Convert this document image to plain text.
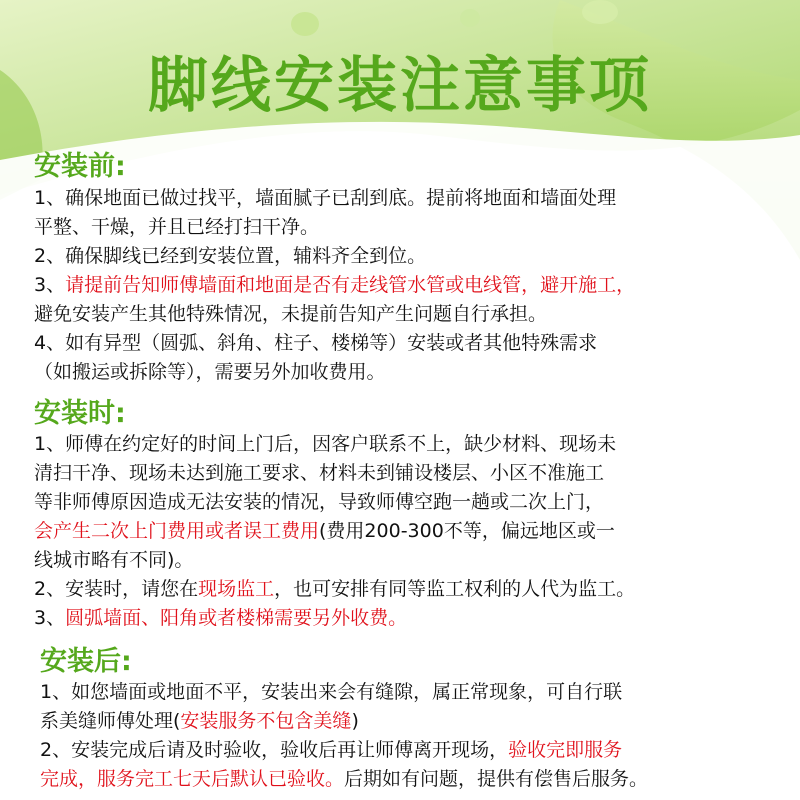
脚线安装注意事项
安装前:
1、确保地面已做过找平，墙面腻子已刮到底。提前将地面和墙面处理
平整、干燥，并且已经打扫干净。
2、确保脚线已经到安装位置，辅料齐全到位。
3、请提前告知师傅墙面和地面是否有走线管水管或电线管，避开施工，
避免安装产生其他特殊情况，未提前告知产生问题自行承担。
4、如有异型（圆弧、斜角、柱子、楼梯等）安装或者其他特殊需求
（如搬运或拆除等），需要另外加收费用。
安装时:
1、师傅在约定好的时间上门后，因客户联系不上，缺少材料、现场未
清扫干净、现场未达到施工要求、材料未到铺设楼层、小区不准施工
等非师傅原因造成无法安装的情况，导致师傅空跑一趟或二次上门，
会产生二次上门费用或者误工费用(费用200-300不等，偏远地区或一
线城市略有不同)。
2、安装时，请您在现场监工，也可安排有同等监工权利的人代为监工。
3、圆弧墙面、阳角或者楼梯需要另外收费。
安装后:
1、如您墙面或地面不平，安装出来会有缝隙，属正常现象，可自行联
系美缝师傅处理(安装服务不包含美缝)
2、安装完成后请及时验收，验收后再让师傅离开现场，验收完即服务
完成，服务完工七天后默认已验收。后期如有问题，提供有偿售后服务。
